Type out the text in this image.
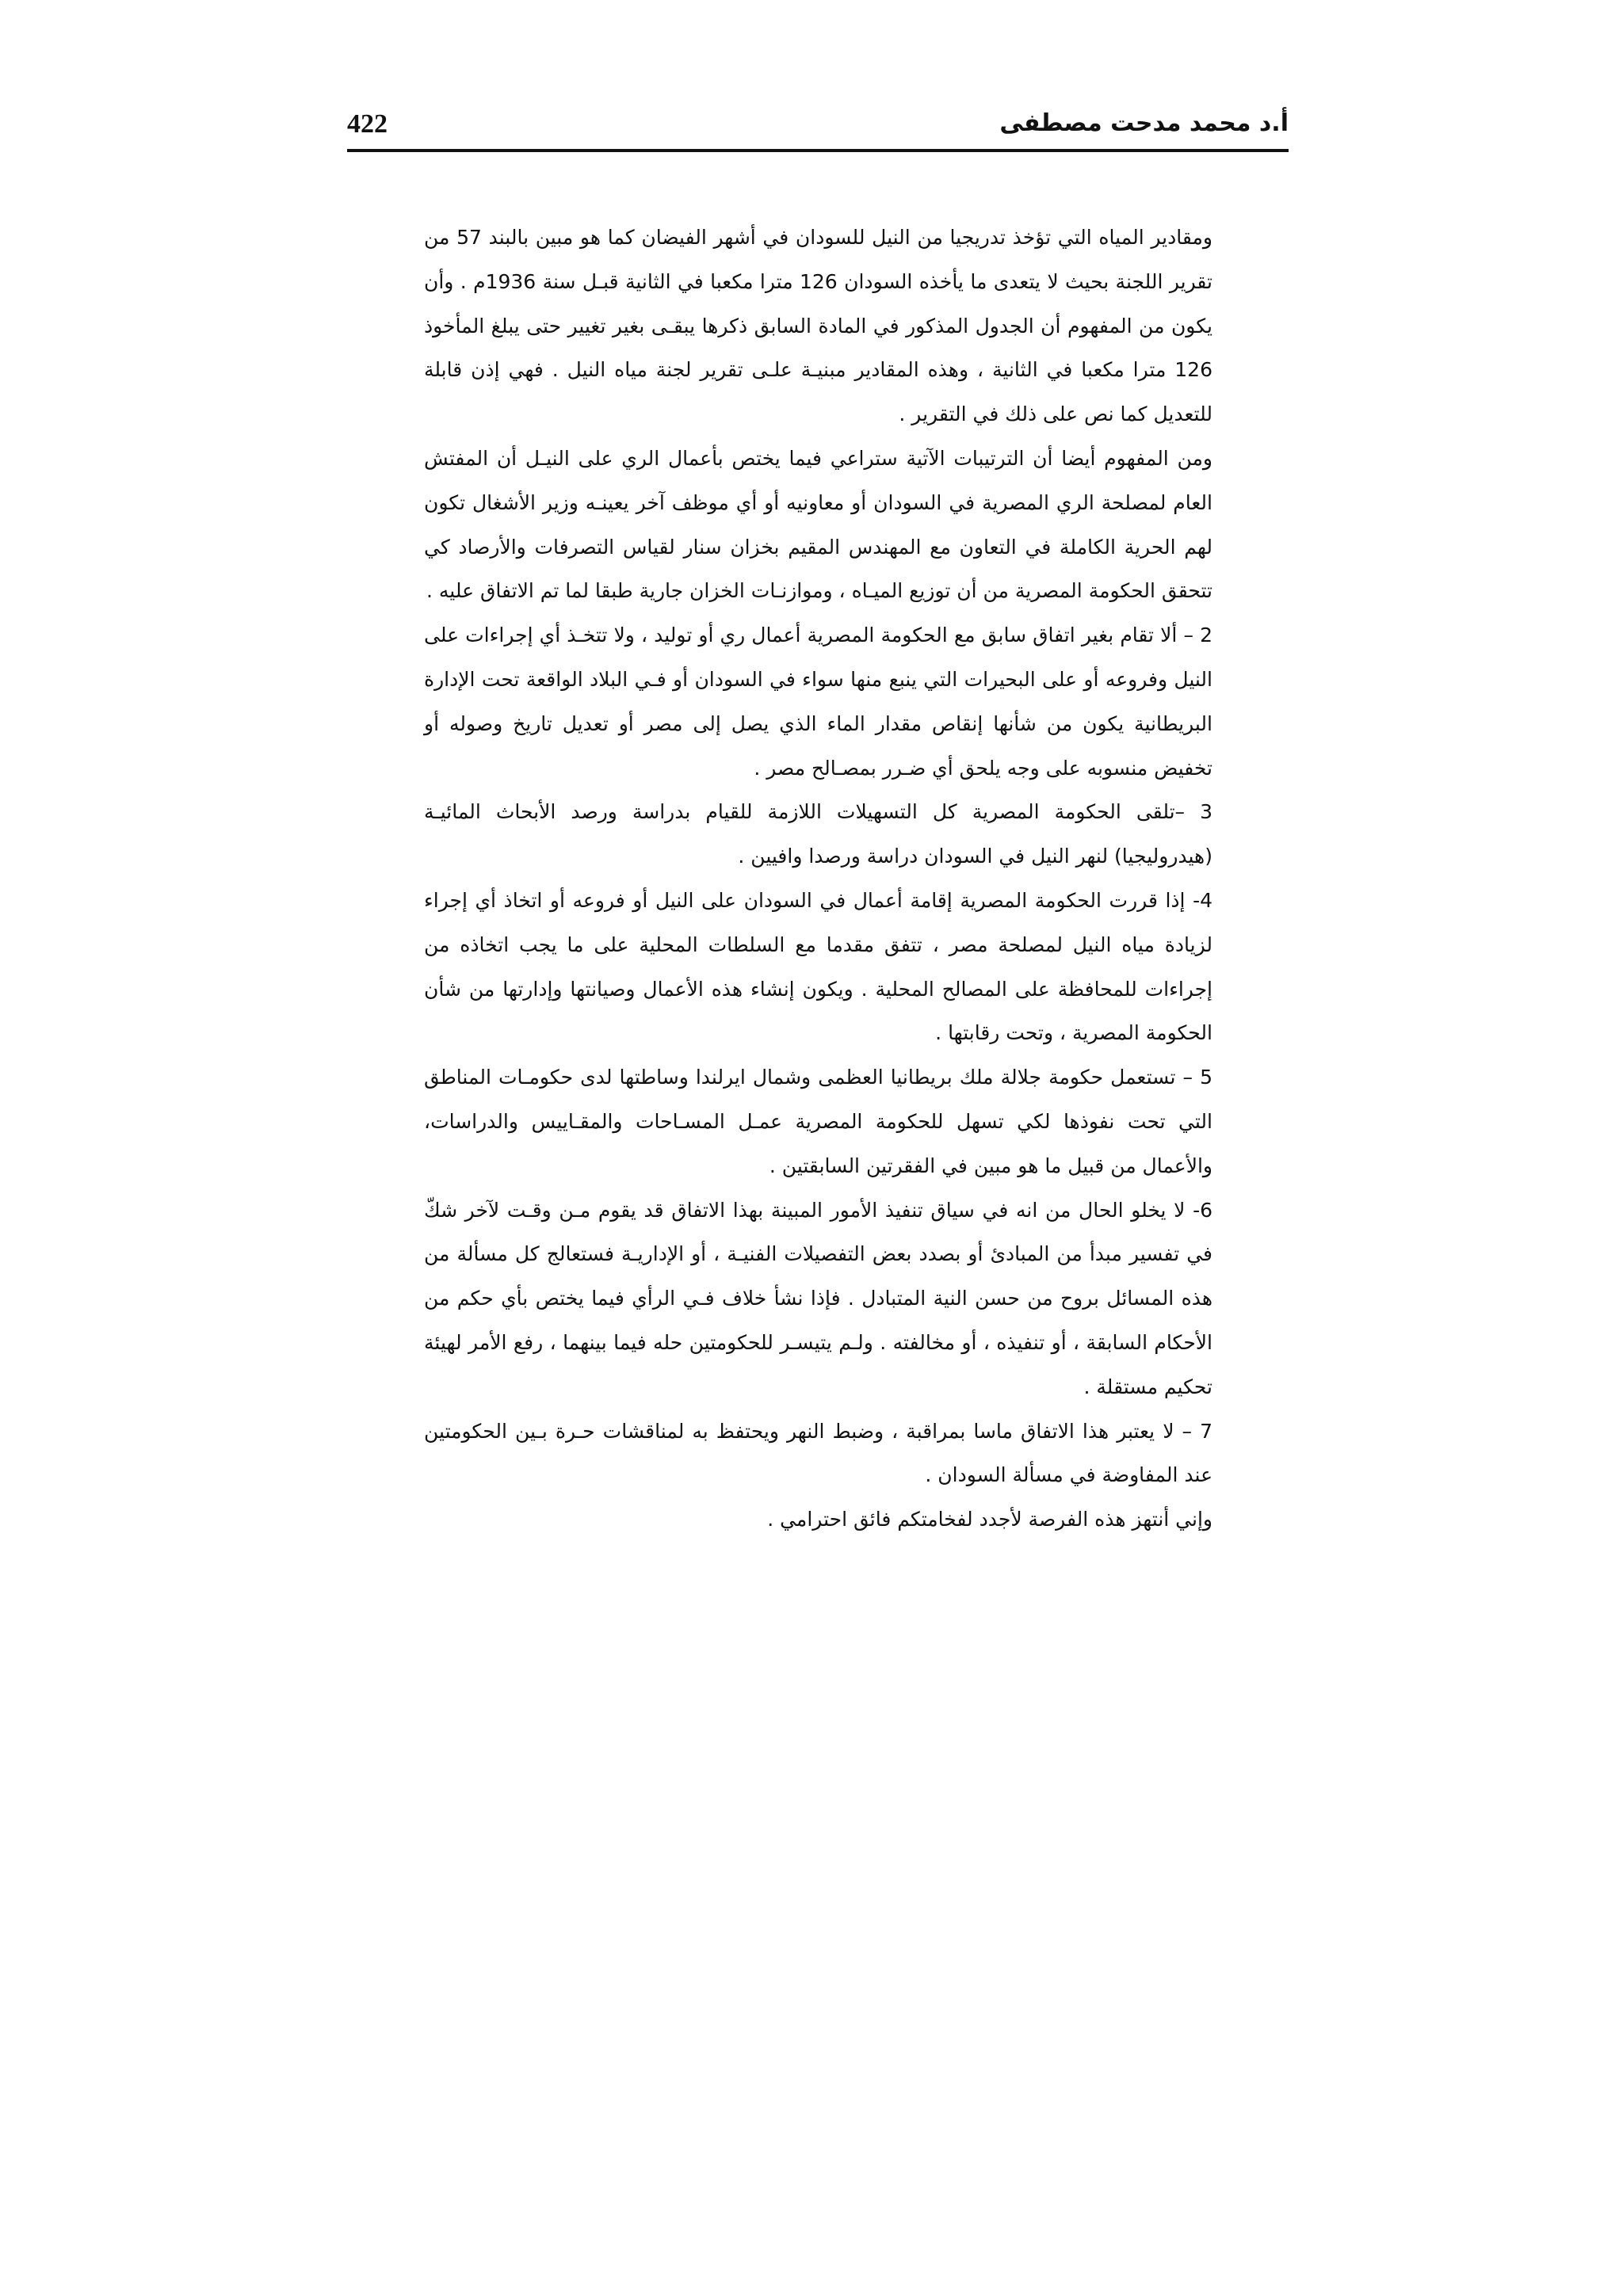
422	أ.د محمد مدحت مصطفى

ومقادير المياه التي تؤخذ تدريجيا من النيل للسودان في أشهر الفيضان كما هو مبين بالبند 57 من تقرير اللجنة بحيث لا يتعدى ما يأخذه السودان 126 مترا مكعبا في الثانية قبـل سنة 1936م . وأن يكون من المفهوم أن الجدول المذكور في المادة السابق ذكرها يبقـى بغير تغيير حتى يبلغ المأخوذ 126 مترا مكعبا في الثانية ، وهذه المقادير مبنيـة علـى تقرير لجنة مياه النيل . فهي إذن قابلة للتعديل كما نص على ذلك في التقرير .

ومن المفهوم أيضا أن الترتيبات الآتية ستراعي فيما يختص بأعمال الري على النيـل أن المفتش العام لمصلحة الري المصرية في السودان أو معاونيه أو أي موظف آخر يعينـه وزير الأشغال تكون لهم الحرية الكاملة في التعاون مع المهندس المقيم بخزان سنار لقياس التصرفات والأرصاد كي تتحقق الحكومة المصرية من أن توزيع الميـاه ، وموازنـات الخزان جارية طبقا لما تم الاتفاق عليه .

2 – ألا تقام بغير اتفاق سابق مع الحكومة المصرية أعمال ري أو توليد ، ولا تتخـذ أي إجراءات على النيل وفروعه أو على البحيرات التي ينبع منها سواء في السودان أو فـي البلاد الواقعة تحت الإدارة البريطانية يكون من شأنها إنقاص مقدار الماء الذي يصل إلى مصر أو تعديل تاريخ وصوله أو تخفيض منسوبه على وجه يلحق أي ضـرر بمصـالح مصر .

3 –تلقى الحكومة المصرية كل التسهيلات اللازمة للقيام بدراسة ورصد الأبحاث المائيـة (هيدروليجيا) لنهر النيل في السودان دراسة ورصدا وافيين .

4- إذا قررت الحكومة المصرية إقامة أعمال في السودان على النيل أو فروعه أو اتخاذ أي إجراء لزيادة مياه النيل لمصلحة مصر ، تتفق مقدما مع السلطات المحلية على ما يجب اتخاذه من إجراءات للمحافظة على المصالح المحلية . ويكون إنشاء هذه الأعمال وصيانتها وإدارتها من شأن الحكومة المصرية ، وتحت رقابتها .

5 – تستعمل حكومة جلالة ملك بريطانيا العظمى وشمال ايرلندا وساطتها لدى حكومـات المناطق التي تحت نفوذها لكي تسهل للحكومة المصرية عمـل المسـاحات والمقـاييس والدراسات، والأعمال من قبيل ما هو مبين في الفقرتين السابقتين .

6- لا يخلو الحال من انه في سياق تنفيذ الأمور المبينة بهذا الاتفاق قد يقوم مـن وقـت لآخر شكّ في تفسير مبدأ من المبادئ أو بصدد بعض التفصيلات الفنيـة ، أو الإداريـة فستعالج كل مسألة من هذه المسائل بروح من حسن النية المتبادل . فإذا نشأ خلاف فـي الرأي فيما يختص بأي حكم من الأحكام السابقة ، أو تنفيذه ، أو مخالفته . ولـم يتيسـر للحكومتين حله فيما بينهما ، رفع الأمر لهيئة تحكيم مستقلة .

7 – لا يعتبر هذا الاتفاق ماسا بمراقبة ، وضبط النهر ويحتفظ به لمناقشات حـرة بـين الحكومتين عند المفاوضة في مسألة السودان .

وإني أنتهز هذه الفرصة لأجدد لفخامتكم فائق احترامي .
